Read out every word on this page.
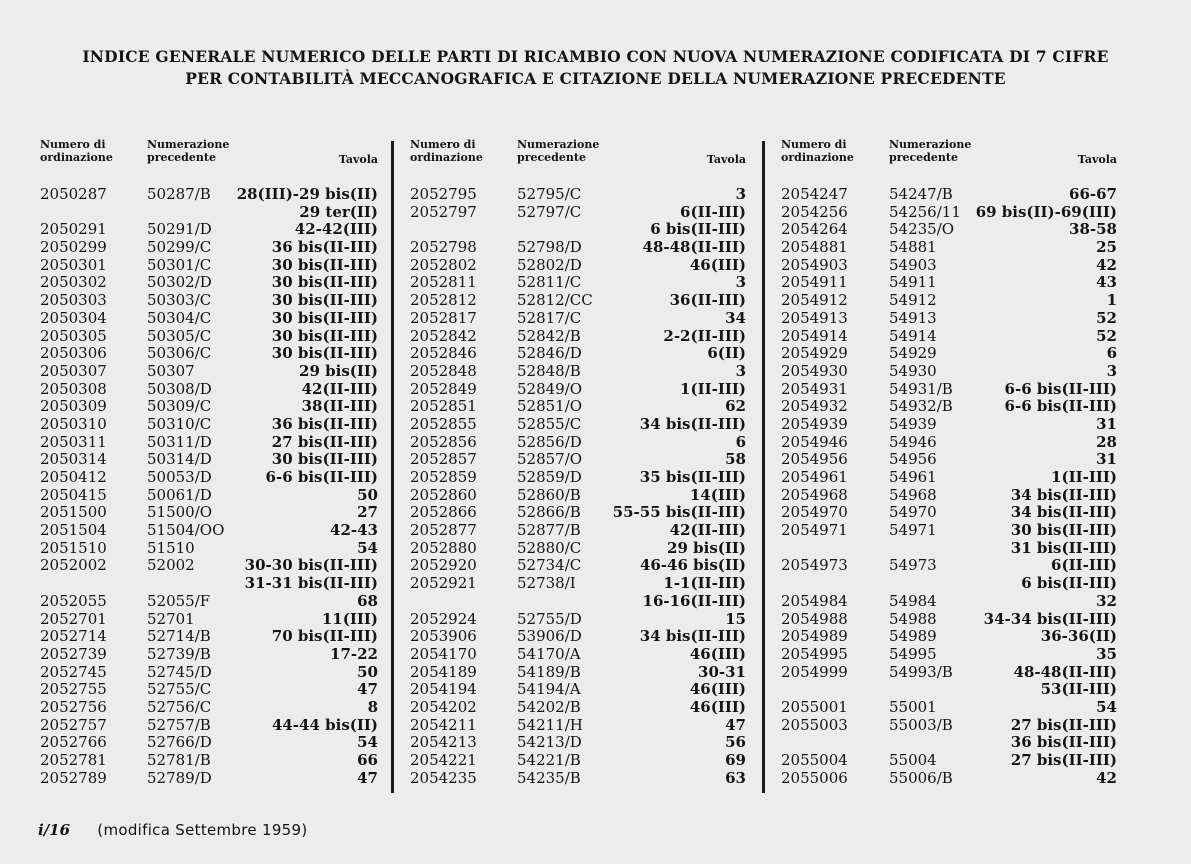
INDICE GENERALE NUMERICO DELLE PARTI DI RICAMBIO CON NUOVA NUMERAZIONE CODIFICATA DI 7 CIFRE
PER CONTABILITÀ MECCANOGRAFICA E CITAZIONE DELLA NUMERAZIONE PRECEDENTE
Numero di
ordinazione
Numerazione
precedente	Tavola
2050287	50287/B 28(III)-29 bis(II)
29 ter(II)
2050291	50291/D	42-42(III)
2050299	50299/C	36 bis(II-III)
2050301	50301/C	30 bis(II-III)
2050302	50302/D	30 bis(II-III)
2050303	50303/C	30 bis(II-III)
2050304	50304/C	30 bis(II-III)
2050305	50305/C	30 bis(II-III)
2050306	50306/C	30 bis(II-III)
2050307	50307	29 bis(II)
2050308	50308/D	42(II-III)
2050309	50309/C	38(II-III)
2050310	50310/C	36 bis(II-III)
2050311	50311/D	27 bis(II-III)
2050314	50314/D	30 bis(II-III)
2050412	50053/D	6-6 bis(II-III)
2050415	50061/D	50
2051500	51500/O	27
2051504	51504/OO	42-43
2051510	51510	54
2052002	52002	30-30 bis(II-III)
31-31 bis(II-III)
2052055	52055/F	68
2052701	52701	11(III)
2052714	52714/B	70 bis(II-III)
2052739	52739/B	17-22
2052745	52745/D	50
2052755	52755/C	47
2052756	52756/C	8
2052757	52757/B	44-44 bis(II)
2052766	52766/D	54
2052781	52781/B	66
2052789	52789/D	47
Numero di
ordinazione
Numerazione
precedente	Tavola
2052795	52795/C	3
2052797	52797/C	6(II-III)
6 bis(II-III)
2052798	52798/D	48-48(II-III)
2052802	52802/D	46(III)
2052811	52811/C	3
2052812	52812/CC	36(II-III)
2052817	52817/C	34
2052842	52842/B	2-2(II-III)
2052846	52846/D	6(II)
2052848	52848/B	3
2052849	52849/O	1(II-III)
2052851	52851/O	62
2052855	52855/C	34 bis(II-III)
2052856	52856/D	6
2052857	52857/O	58
2052859	52859/D	35 bis(II-III)
2052860	52860/B	14(III)
2052866	52866/B 55-55 bis(II-III)
2052877	52877/B	42(II-III)
2052880	52880/C	29 bis(II)
2052920	52734/C	46-46 bis(II)
2052921	52738/I	1-1(II-III)
16-16(II-III)
2052924	52755/D	15
2053906	53906/D	34 bis(II-III)
2054170	54170/A	46(III)
2054189	54189/B	30-31
2054194	54194/A	46(III)
2054202	54202/B	46(III)
2054211	54211/H	47
2054213	54213/D	56
2054221	54221/B	69
2054235	54235/B	63
Numero di
ordinazione
Numerazione
precedente	Tavola
2054247	54247/B	66-67
2054256	54256/11 69 bis(II)-69(III)
2054264	54235/O	38-58
2054881	54881	25
2054903	54903	42
2054911	54911	43
2054912	54912	1
2054913	54913	52
2054914	54914	52
2054929	54929	6
2054930	54930	3
2054931	54931/B	6-6 bis(II-III)
2054932	54932/B	6-6 bis(II-III)
2054939	54939	31
2054946	54946	28
2054956	54956	31
2054961	54961	1(II-III)
2054968	54968	34 bis(II-III)
2054970	54970	34 bis(II-III)
2054971	54971	30 bis(II-III)
31 bis(II-III)
2054973	54973	6(II-III)
6 bis(II-III)
2054984	54984	32
2054988	54988	34-34 bis(II-III)
2054989	54989	36-36(II)
2054995	54995	35
2054999	54993/B	48-48(II-III)
53(II-III)
2055001	55001	54
2055003	55003/B	27 bis(II-III)
36 bis(II-III)
2055004	55004	27 bis(II-III)
2055006	55006/B	42
i/16 (modifica Settembre 1959)
